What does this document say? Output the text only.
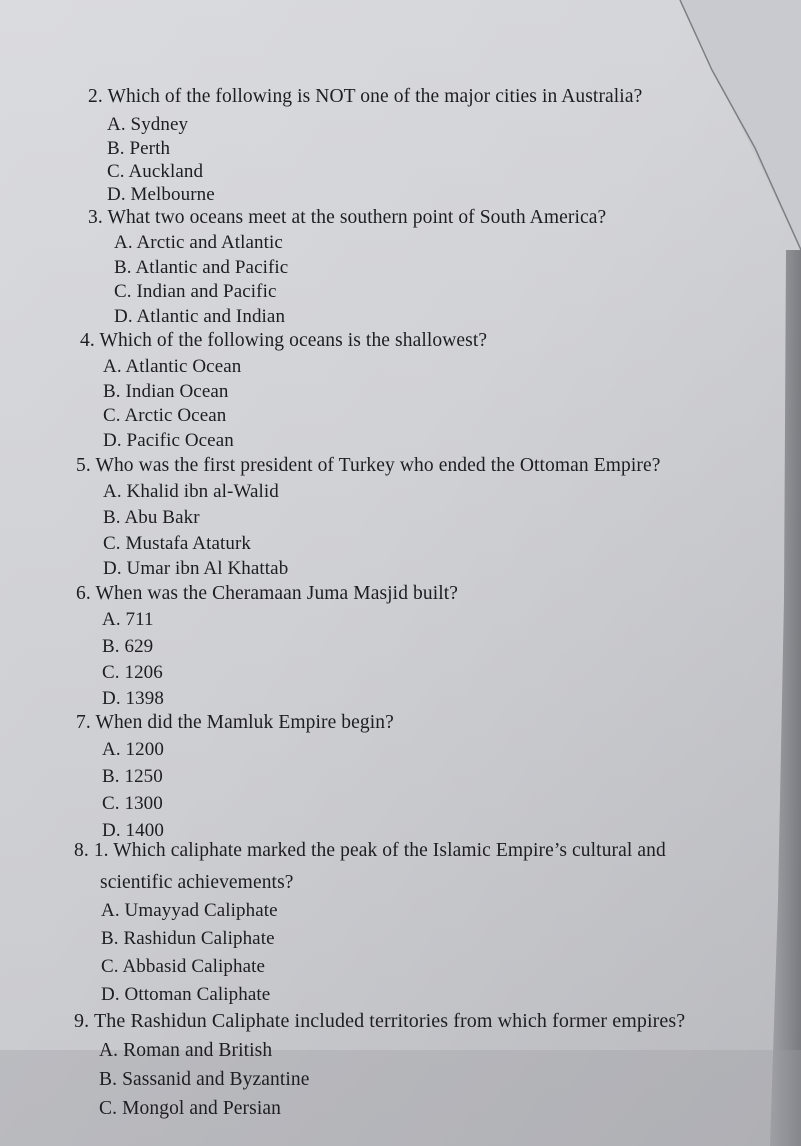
2. Which of the following is NOT one of the major cities in Australia?
A. Sydney
B. Perth
C. Auckland
D. Melbourne
3. What two oceans meet at the southern point of South America?
A. Arctic and Atlantic
B. Atlantic and Pacific
C. Indian and Pacific
D. Atlantic and Indian
4. Which of the following oceans is the shallowest?
A. Atlantic Ocean
B. Indian Ocean
C. Arctic Ocean
D. Pacific Ocean
5. Who was the first president of Turkey who ended the Ottoman Empire?
A. Khalid ibn al-Walid
B. Abu Bakr
C. Mustafa Ataturk
D. Umar ibn Al Khattab
6. When was the Cheramaan Juma Masjid built?
A. 711
B. 629
C. 1206
D. 1398
7. When did the Mamluk Empire begin?
A. 1200
B. 1250
C. 1300
D. 1400
8. 1. Which caliphate marked the peak of the Islamic Empire’s cultural and
scientific achievements?
A. Umayyad Caliphate
B. Rashidun Caliphate
C. Abbasid Caliphate
D. Ottoman Caliphate
9. The Rashidun Caliphate included territories from which former empires?
A. Roman and British
B. Sassanid and Byzantine
C. Mongol and Persian
